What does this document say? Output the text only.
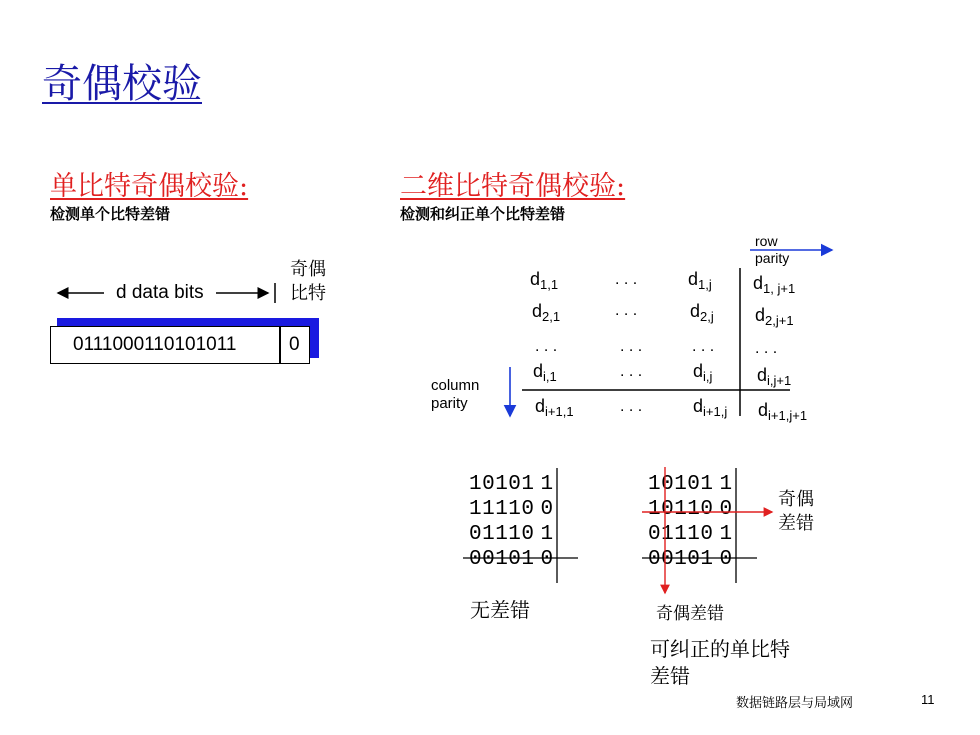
奇偶校验
单比特奇偶校验:
检测单个比特差错
d data bits
奇偶
比特
0111000110101011	0
二维比特奇偶校验:
检测和纠正单个比特差错
row
parity
column
parity
$d_{1,1}$	. . .	$d_{1,j}$ $d_{1, j+1}$
$d_{2,1}$	. . .	$d_{2,j}$ $d_{2,j+1}$
. . .	. . .	. . .	. . .
$d_{i,1}$	. . .	$d_{i,j}$ $d_{i,j+1}$
$d_{i+1,1}$	. . .	$d_{i+1,j}$ $d_{i+1,j+1}$
10101 1
11110 0
01110 1
00101 0
无差错
10101 1
10110 0
01110 1
00101 0
奇偶
差错
奇偶差错
可纠正的单比特
差错
数据链路层与局域网	11
